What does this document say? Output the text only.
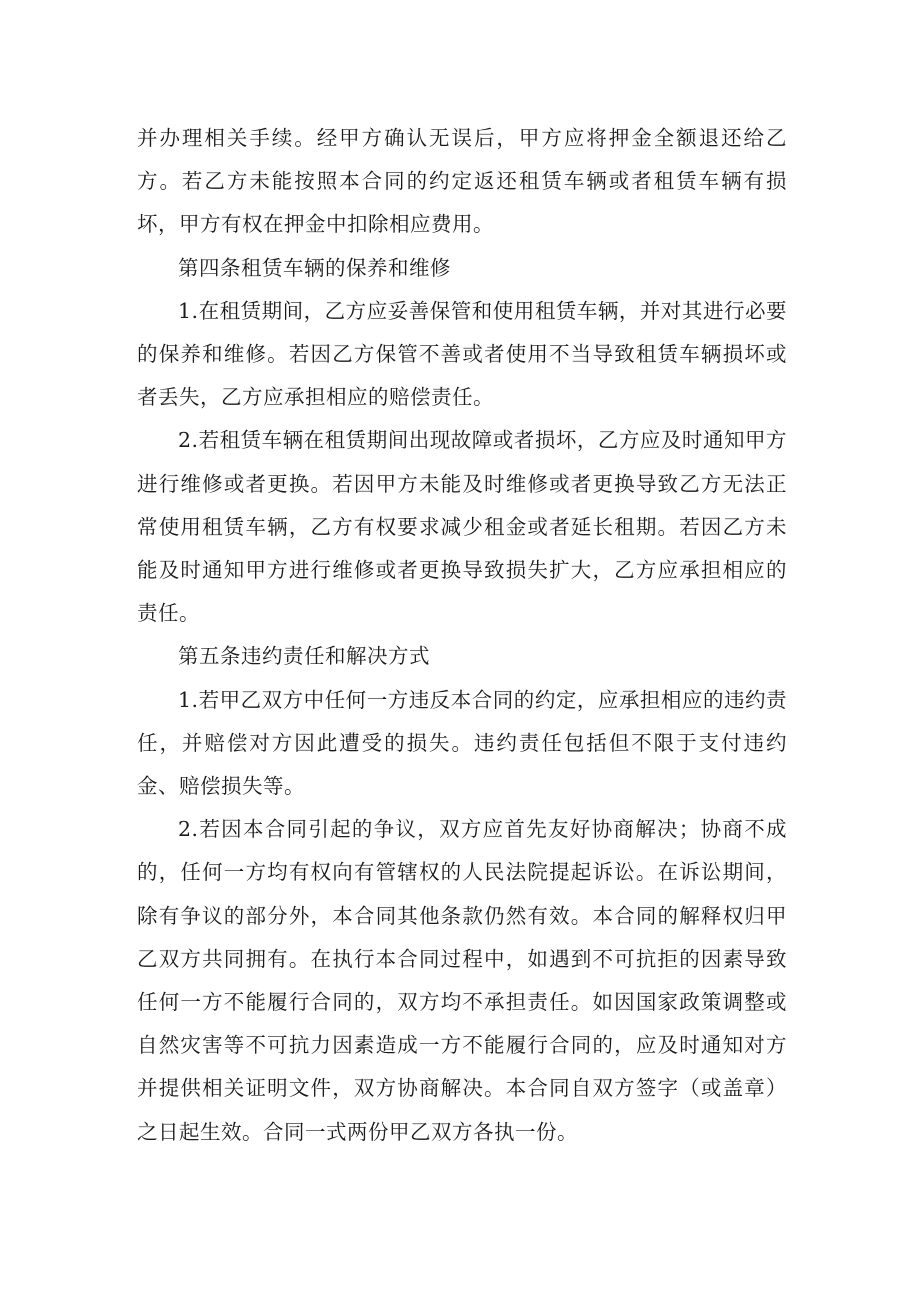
并办理相关手续。经甲方确认无误后，甲方应将押金全额退还给乙方。若乙方未能按照本合同的约定返还租赁车辆或者租赁车辆有损坏，甲方有权在押金中扣除相应费用。

第四条租赁车辆的保养和维修

1.在租赁期间，乙方应妥善保管和使用租赁车辆，并对其进行必要的保养和维修。若因乙方保管不善或者使用不当导致租赁车辆损坏或者丢失，乙方应承担相应的赔偿责任。

2.若租赁车辆在租赁期间出现故障或者损坏，乙方应及时通知甲方进行维修或者更换。若因甲方未能及时维修或者更换导致乙方无法正常使用租赁车辆，乙方有权要求减少租金或者延长租期。若因乙方未能及时通知甲方进行维修或者更换导致损失扩大，乙方应承担相应的责任。

第五条违约责任和解决方式

1.若甲乙双方中任何一方违反本合同的约定，应承担相应的违约责任，并赔偿对方因此遭受的损失。违约责任包括但不限于支付违约金、赔偿损失等。

2.若因本合同引起的争议，双方应首先友好协商解决；协商不成的，任何一方均有权向有管辖权的人民法院提起诉讼。在诉讼期间，除有争议的部分外，本合同其他条款仍然有效。本合同的解释权归甲乙双方共同拥有。在执行本合同过程中，如遇到不可抗拒的因素导致任何一方不能履行合同的，双方均不承担责任。如因国家政策调整或自然灾害等不可抗力因素造成一方不能履行合同的，应及时通知对方并提供相关证明文件，双方协商解决。本合同自双方签字（或盖章）之日起生效。合同一式两份甲乙双方各执一份。
